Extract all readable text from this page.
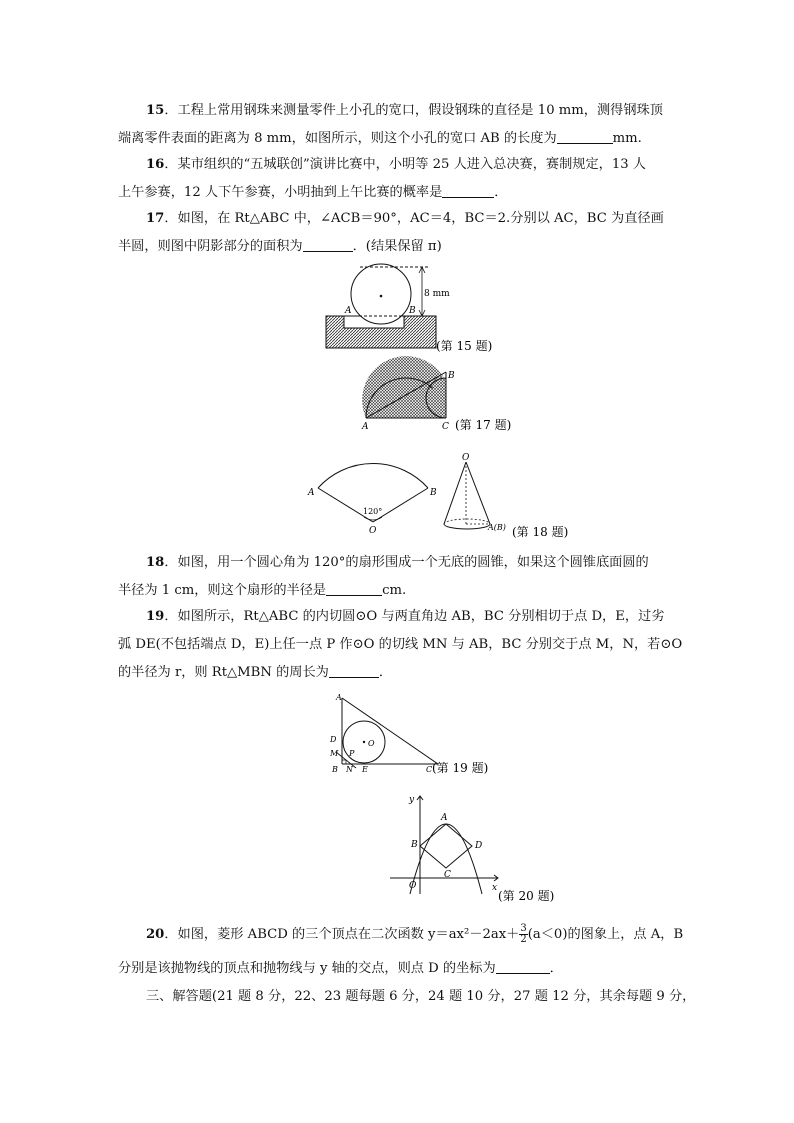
15．工程上常用钢珠来测量零件上小孔的宽口，假设钢珠的直径是 10 mm，测得钢珠顶
端离零件表面的距离为 8 mm，如图所示，则这个小孔的宽口 AB 的长度为	mm.
16．某市组织的“五城联创”演讲比赛中，小明等 25 人进入总决赛，赛制规定，13 人
上午参赛，12 人下午参赛，小明抽到上午比赛的概率是	．
17．如图，在 Rt△ABC 中，∠ACB＝90°，AC＝4，BC＝2.分别以 AC，BC 为直径画
半圆，则图中阴影部分的面积为	．(结果保留 π)
8 mm
A	B
(第 15 题)
A
B
C (第 17 题)
A	B
120°
O
O
A(B) (第 18 题)
18．如图，用一个圆心角为 120°的扇形围成一个无底的圆锥，如果这个圆锥底面圆的
半径为 1 cm，则这个扇形的半径是	cm.
19．如图所示，Rt△ABC 的内切圆⊙O 与两直角边 AB，BC 分别相切于点 D，E，过劣
弧 DE(不包括端点 D，E)上任一点 P 作⊙O 的切线 MN 与 AB，BC 分别交于点 M，N，若⊙O
的半径为 r，则 Rt△MBN 的周长为	．
A
B	C
D
E
M
N
P
O
(第 19 题)
y
x
O
A
B
C
D
(第 20 题)
20．如图，菱形 ABCD 的三个顶点在二次函数 $y=ax^2-2ax+ \frac{3}{2} (a<0)$的图象上，点 A，B
分别是该抛物线的顶点和抛物线与 y 轴的交点，则点 D 的坐标为	．
三、解答题(21 题 8 分，22、23 题每题 6 分，24 题 10 分，27 题 12 分，其余每题 9 分，
